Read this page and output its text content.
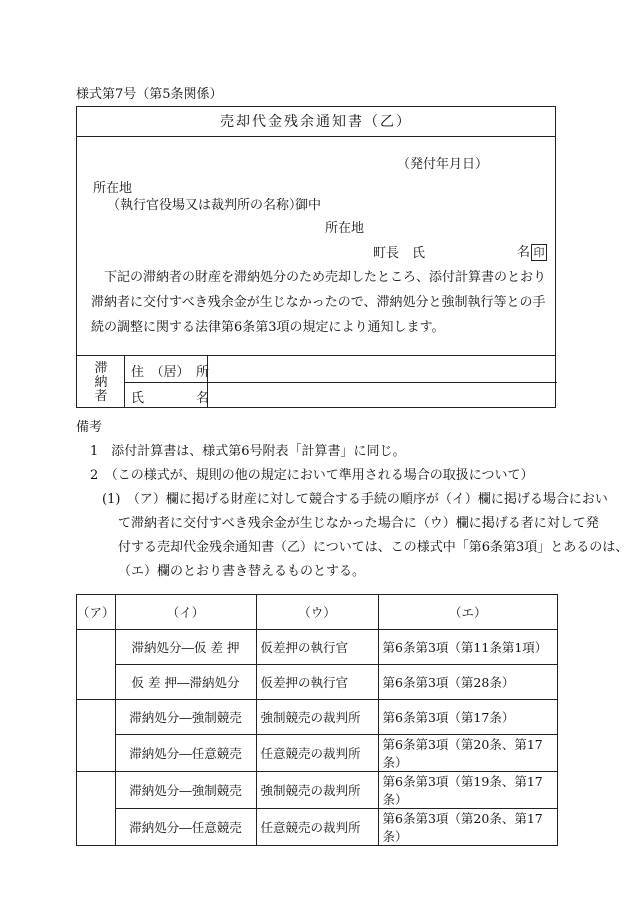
様式第7号（第5条関係）
売却代金残余通知書（乙）
（発付年月日）
所在地
（執行官役場又は裁判所の名称）
御中
所在地
町長　氏	名 印
下記の滞納者の財産を滞納処分のため売却したところ、添付計算書のとおり滞納者に交付すべき残余金が生じなかったので、滞納処分と強制執行等との手続の調整に関する法律第6条第3項の規定により通知します。
滞納者
住　（居）　所
氏　　　　名
備考
1　添付計算書は、様式第6号附表「計算書」に同じ。
2　（この様式が、規則の他の規定において準用される場合の取扱について）
(1)　（ア）欄に掲げる財産に対して競合する手続の順序が（イ）欄に掲げる場合におい
て滞納者に交付すべき残余金が生じなかった場合に（ウ）欄に掲げる者に対して発
付する売却代金残余通知書（乙）については、この様式中「第6条第3項」とあるのは、
（エ）欄のとおり書き替えるものとする。
（ア）	（イ）	（ウ）	（エ）
	滞納処分―仮 差 押	仮差押の執行官	第6条第3項（第11条第1項）
	仮 差 押―滞納処分	仮差押の執行官	第6条第3項（第28条）
	滞納処分―強制競売	強制競売の裁判所	第6条第3項（第17条）
	滞納処分―任意競売	任意競売の裁判所	第6条第3項（第20条、第17条）
	滞納処分―強制競売	強制競売の裁判所	第6条第3項（第19条、第17条）
	滞納処分―任意競売	任意競売の裁判所	第6条第3項（第20条、第17条）
